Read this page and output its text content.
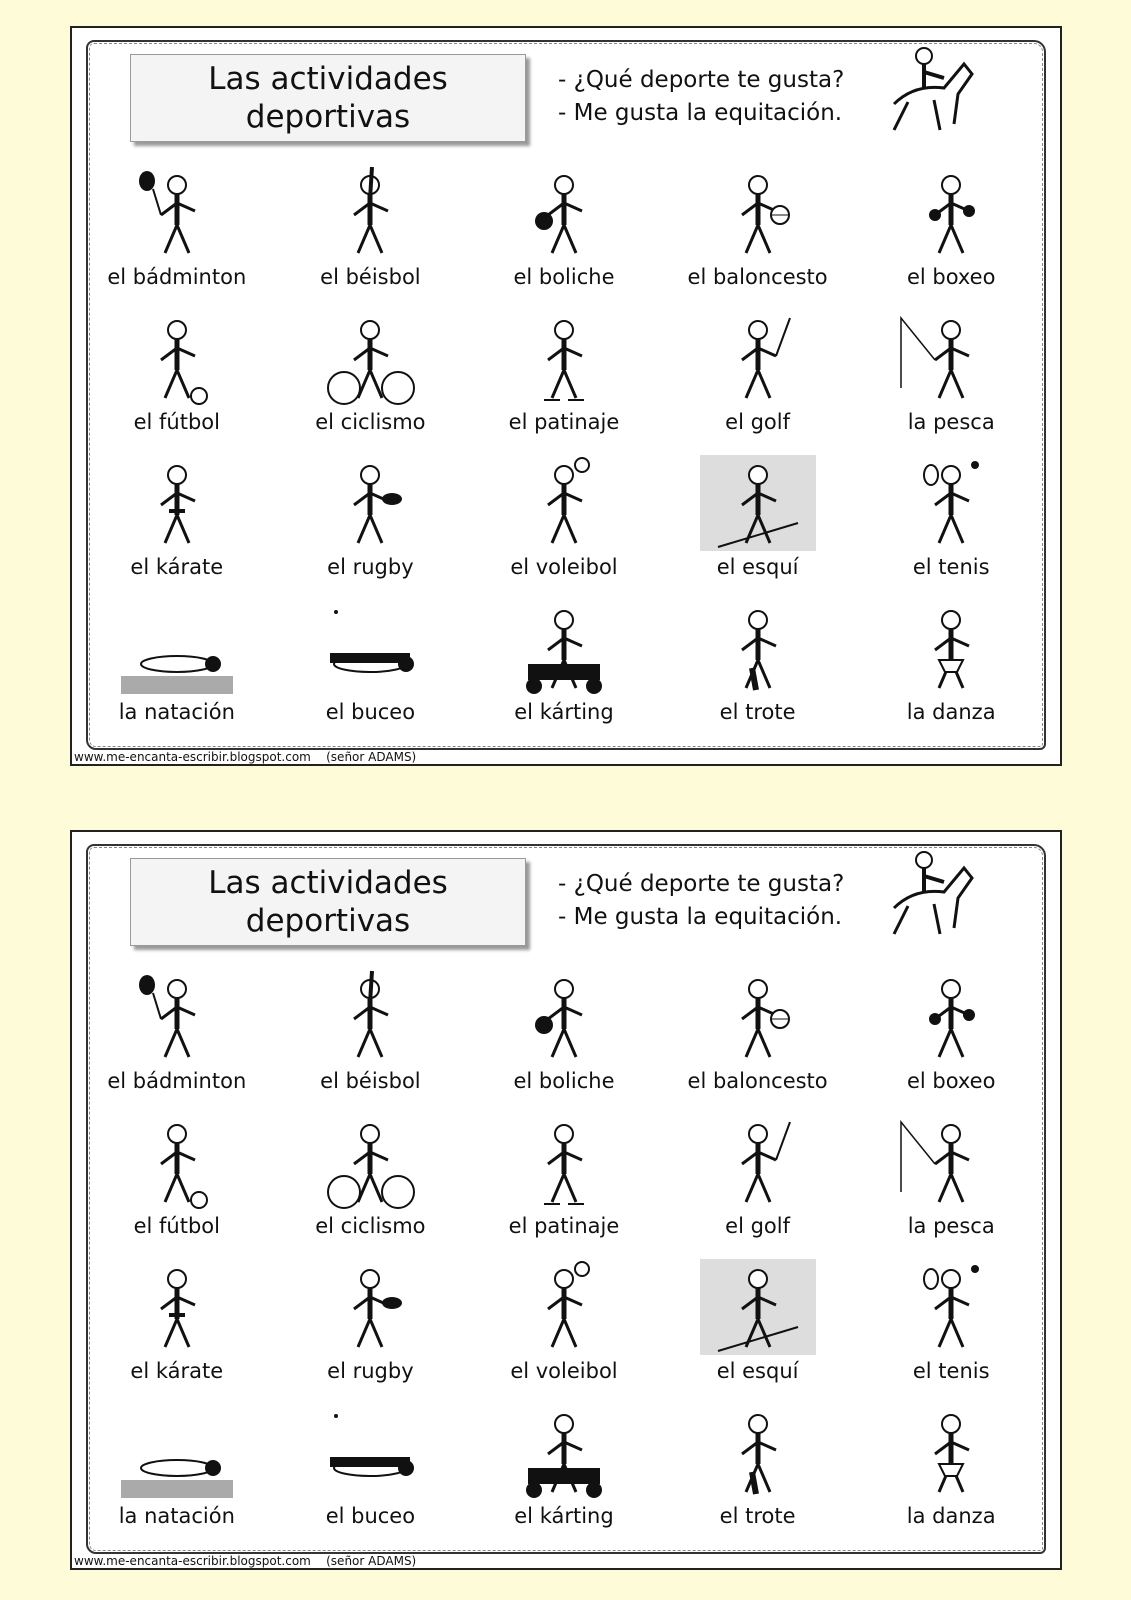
Las actividades
deportivas
- ¿Qué deporte te gusta?
- Me gusta la equitación.
el bádminton	el béisbol	el boliche	el baloncesto	el boxeo
el fútbol	el ciclismo	el patinaje	el golf	la pesca
el kárate	el rugby	el voleibol	el esquí	el tenis
la natación	el buceo	el kárting	el trote	la danza
www.me-encanta-escribir.blogspot.com (señor ADAMS)
Las actividades
deportivas
- ¿Qué deporte te gusta?
- Me gusta la equitación.
el bádminton	el béisbol	el boliche	el baloncesto	el boxeo
el fútbol	el ciclismo	el patinaje	el golf	la pesca
el kárate	el rugby	el voleibol	el esquí	el tenis
la natación	el buceo	el kárting	el trote	la danza
www.me-encanta-escribir.blogspot.com (señor ADAMS)
